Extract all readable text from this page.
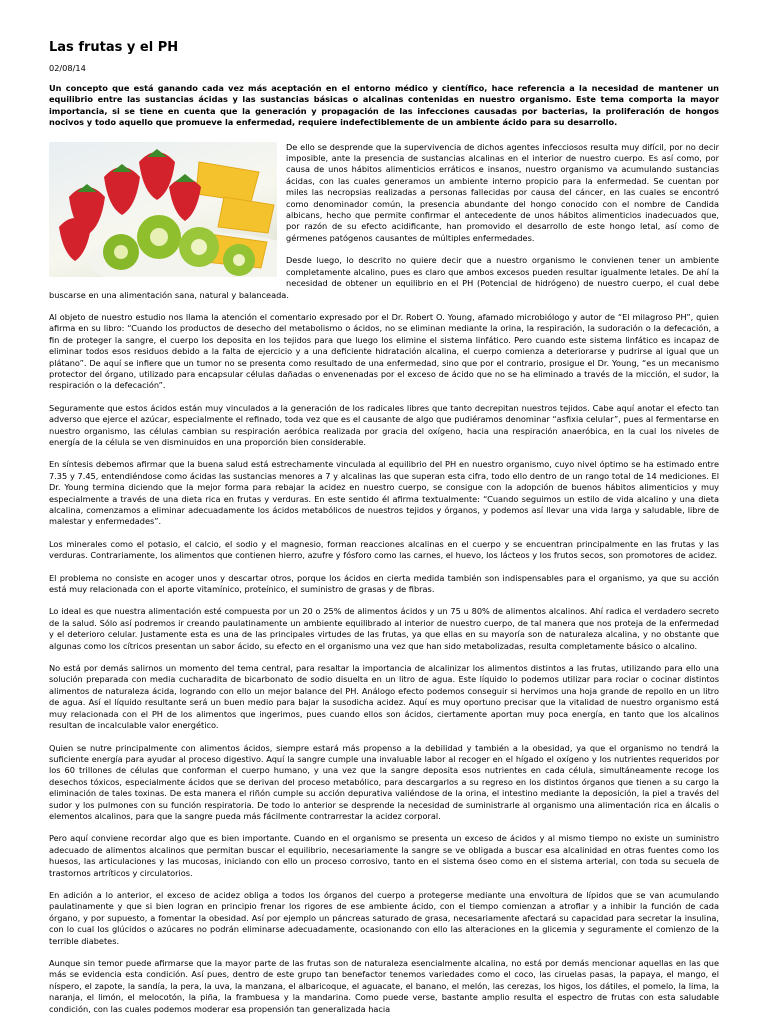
Las frutas y el PH
02/08/14
Un concepto que está ganando cada vez más aceptación en el entorno médico y científico, hace referencia a la necesidad de mantener un equilibrio entre las sustancias ácidas y las sustancias básicas o alcalinas contenidas en nuestro organismo. Este tema comporta la mayor importancia, si se tiene en cuenta que la generación y propagación de las infecciones causadas por bacterias, la proliferación de hongos nocivos y todo aquello que promueve la enfermedad, requiere indefectiblemente de un ambiente ácido para su desarrollo.

De ello se desprende que la supervivencia de dichos agentes infecciosos resulta muy difícil, por no decir imposible, ante la presencia de sustancias alcalinas en el interior de nuestro cuerpo. Es así como, por causa de unos hábitos alimenticios erráticos e insanos, nuestro organismo va acumulando sustancias ácidas, con las cuales generamos un ambiente interno propicio para la enfermedad. Se cuentan por miles las necropsias realizadas a personas fallecidas por causa del cáncer, en las cuales se encontró como denominador común, la presencia abundante del hongo conocido con el nombre de Candida albicans, hecho que permite confirmar el antecedente de unos hábitos alimenticios inadecuados que, por razón de su efecto acidificante, han promovido el desarrollo de este hongo letal, así como de gérmenes patógenos causantes de múltiples enfermedades.

Desde luego, lo descrito no quiere decir que a nuestro organismo le convienen tener un ambiente completamente alcalino, pues es claro que ambos excesos pueden resultar igualmente letales. De ahí la necesidad de obtener un equilibrio en el PH (Potencial de hidrógeno) de nuestro cuerpo, el cual debe buscarse en una alimentación sana, natural y balanceada.

Al objeto de nuestro estudio nos llama la atención el comentario expresado por el Dr. Robert O. Young, afamado microbiólogo y autor de “El milagroso PH”, quien afirma en su libro: “Cuando los productos de desecho del metabolismo o ácidos, no se eliminan mediante la orina, la respiración, la sudoración o la defecación, a fin de proteger la sangre, el cuerpo los deposita en los tejidos para que luego los elimine el sistema linfático. Pero cuando este sistema linfático es incapaz de eliminar todos esos residuos debido a la falta de ejercicio y a una deficiente hidratación alcalina, el cuerpo comienza a deteriorarse y pudrirse al igual que un plátano”. De aquí se infiere que un tumor no se presenta como resultado de una enfermedad, sino que por el contrario, prosigue el Dr. Young, “es un mecanismo protector del órgano, utilizado para encapsular células dañadas o envenenadas por el exceso de ácido que no se ha eliminado a través de la micción, el sudor, la respiración o la defecación”.

Seguramente que estos ácidos están muy vinculados a la generación de los radicales libres que tanto decrepitan nuestros tejidos. Cabe aquí anotar el efecto tan adverso que ejerce el azúcar, especialmente el refinado, toda vez que es el causante de algo que pudiéramos denominar “asfixia celular”, pues al fermentarse en nuestro organismo, las células cambian su respiración aeróbica realizada por gracia del oxígeno, hacia una respiración anaeróbica, en la cual los niveles de energía de la célula se ven disminuidos en una proporción bien considerable.

En síntesis debemos afirmar que la buena salud está estrechamente vinculada al equilibrio del PH en nuestro organismo, cuyo nivel óptimo se ha estimado entre 7.35 y 7.45, entendiéndose como ácidas las sustancias menores a 7 y alcalinas las que superan esta cifra, todo ello dentro de un rango total de 14 mediciones. El Dr. Young termina diciendo que la mejor forma para rebajar la acidez en nuestro cuerpo, se consigue con la adopción de buenos hábitos alimenticios y muy especialmente a través de una dieta rica en frutas y verduras. En este sentido él afirma textualmente: “Cuando seguimos un estilo de vida alcalino y una dieta alcalina, comenzamos a eliminar adecuadamente los ácidos metabólicos de nuestros tejidos y órganos, y podemos así llevar una vida larga y saludable, libre de malestar y enfermedades”.

Los minerales como el potasio, el calcio, el sodio y el magnesio, forman reacciones alcalinas en el cuerpo y se encuentran principalmente en las frutas y las verduras. Contrariamente, los alimentos que contienen hierro, azufre y fósforo como las carnes, el huevo, los lácteos y los frutos secos, son promotores de acidez.

El problema no consiste en acoger unos y descartar otros, porque los ácidos en cierta medida también son indispensables para el organismo, ya que su acción está muy relacionada con el aporte vitamínico, proteínico, el suministro de grasas y de fibras.

Lo ideal es que nuestra alimentación esté compuesta por un 20 o 25% de alimentos ácidos y un 75 u 80% de alimentos alcalinos. Ahí radica el verdadero secreto de la salud. Sólo así podremos ir creando paulatinamente un ambiente equilibrado al interior de nuestro cuerpo, de tal manera que nos proteja de la enfermedad y el deterioro celular. Justamente esta es una de las principales virtudes de las frutas, ya que ellas en su mayoría son de naturaleza alcalina, y no obstante que algunas como los cítricos presentan un sabor ácido, su efecto en el organismo una vez que han sido metabolizadas, resulta completamente básico o alcalino.

No está por demás salirnos un momento del tema central, para resaltar la importancia de alcalinizar los alimentos distintos a las frutas, utilizando para ello una solución preparada con media cucharadita de bicarbonato de sodio disuelta en un litro de agua. Este líquido lo podemos utilizar para rociar o cocinar distintos alimentos de naturaleza ácida, logrando con ello un mejor balance del PH. Análogo efecto podemos conseguir si hervimos una hoja grande de repollo en un litro de agua. Así el líquido resultante será un buen medio para bajar la susodicha acidez. Aquí es muy oportuno precisar que la vitalidad de nuestro organismo está muy relacionada con el PH de los alimentos que ingerimos, pues cuando ellos son ácidos, ciertamente aportan muy poca energía, en tanto que los alcalinos resultan de incalculable valor energético.

Quien se nutre principalmente con alimentos ácidos, siempre estará más propenso a la debilidad y también a la obesidad, ya que el organismo no tendrá la suficiente energía para ayudar al proceso digestivo. Aquí la sangre cumple una invaluable labor al recoger en el hígado el oxígeno y los nutrientes requeridos por los 60 trillones de células que conforman el cuerpo humano, y una vez que la sangre deposita esos nutrientes en cada célula, simultáneamente recoge los desechos tóxicos, especialmente ácidos que se derivan del proceso metabólico, para descargarlos a su regreso en los distintos órganos que tienen a su cargo la eliminación de tales toxinas. De esta manera el riñón cumple su acción depurativa valiéndose de la orina, el intestino mediante la deposición, la piel a través del sudor y los pulmones con su función respiratoria. De todo lo anterior se desprende la necesidad de suministrarle al organismo una alimentación rica en álcalis o elementos alcalinos, para que la sangre pueda más fácilmente contrarrestar la acidez corporal.

Pero aquí conviene recordar algo que es bien importante. Cuando en el organismo se presenta un exceso de ácidos y al mismo tiempo no existe un suministro adecuado de alimentos alcalinos que permitan buscar el equilibrio, necesariamente la sangre se ve obligada a buscar esa alcalinidad en otras fuentes como los huesos, las articulaciones y las mucosas, iniciando con ello un proceso corrosivo, tanto en el sistema óseo como en el sistema arterial, con toda su secuela de trastornos artríticos y circulatorios.

En adición a lo anterior, el exceso de acidez obliga a todos los órganos del cuerpo a protegerse mediante una envoltura de lípidos que se van acumulando paulatinamente y que si bien logran en principio frenar los rigores de ese ambiente ácido, con el tiempo comienzan a atrofiar y a inhibir la función de cada órgano, y por supuesto, a fomentar la obesidad. Así por ejemplo un páncreas saturado de grasa, necesariamente afectará su capacidad para secretar la insulina, con lo cual los glúcidos o azúcares no podrán eliminarse adecuadamente, ocasionando con ello las alteraciones en la glicemia y seguramente el comienzo de la terrible diabetes.

Aunque sin temor puede afirmarse que la mayor parte de las frutas son de naturaleza esencialmente alcalina, no está por demás mencionar aquellas en las que más se evidencia esta condición. Así pues, dentro de este grupo tan benefactor tenemos variedades como el coco, las ciruelas pasas, la papaya, el mango, el níspero, el zapote, la sandía, la pera, la uva, la manzana, el albaricoque, el aguacate, el banano, el melón, las cerezas, los higos, los dátiles, el pomelo, la lima, la naranja, el limón, el melocotón, la piña, la frambuesa y la mandarina. Como puede verse, bastante amplio resulta el espectro de frutas con esta saludable condición, con las cuales podemos moderar esa propensión tan generalizada hacia
